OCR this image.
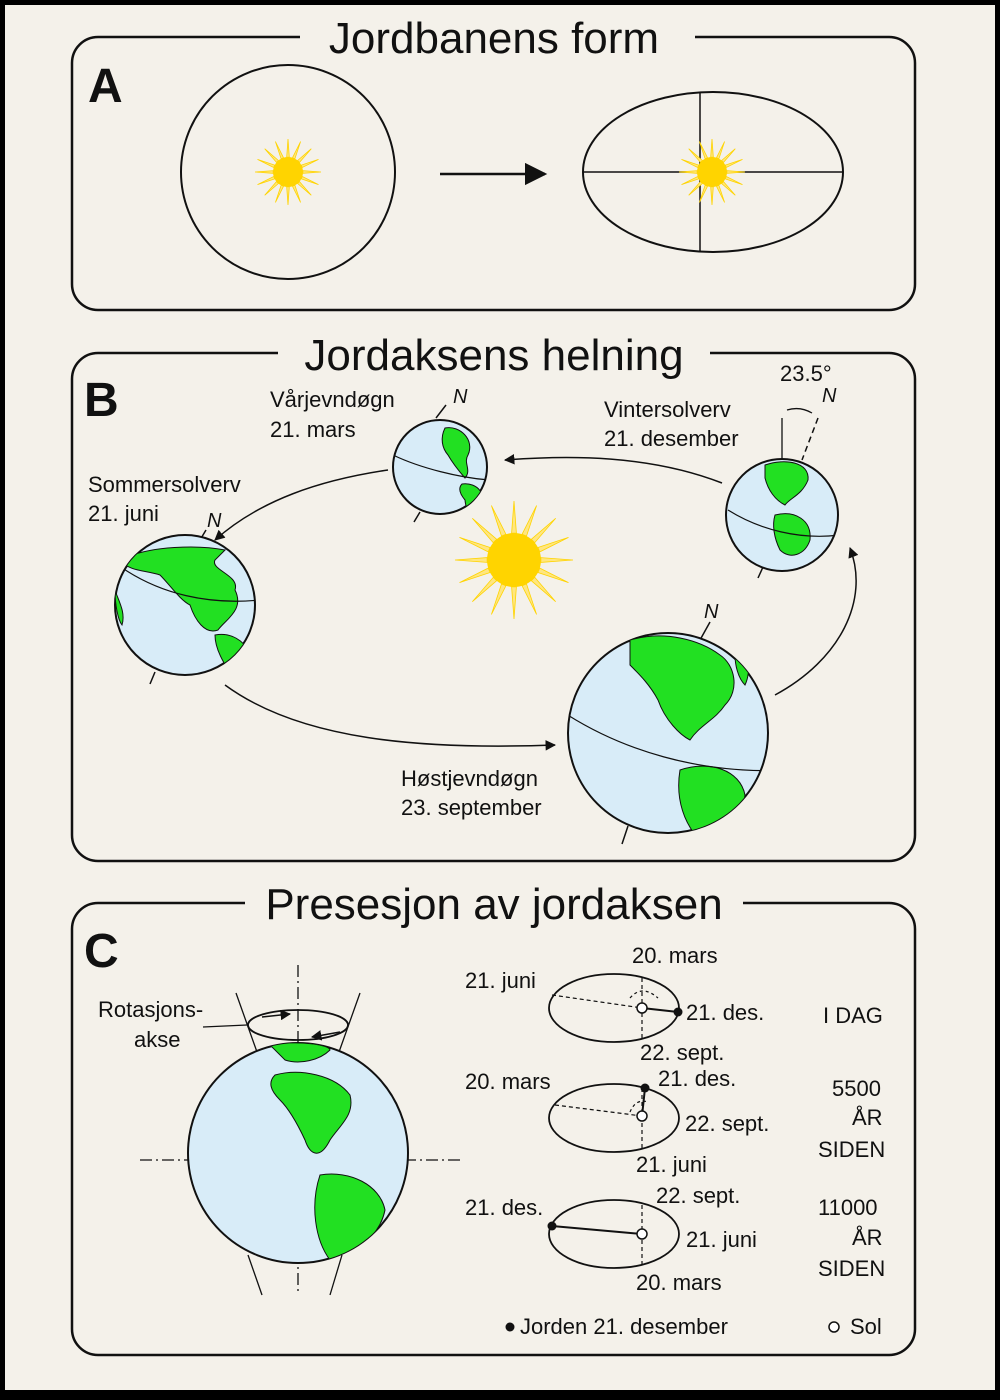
Jordbanens form
A
Jordaksens helning
B	N
Vårjevndøgn
21. mars
N
Sommersolverv
21. juni
N
23.5°
Vintersolverv
21. desember
N
Høstjevndøgn
23. september
Presesjon av jordaksen
C
Rotasjons-
akse
21. juni
20. mars
21. des.
22. sept.
I DAG
20. mars	21. des.
22. sept.
21. juni
5500
ÅR
SIDEN
21. des.	22. sept.
21. juni
20. mars
11000
ÅR
SIDEN
Jorden 21. desember	Sol
